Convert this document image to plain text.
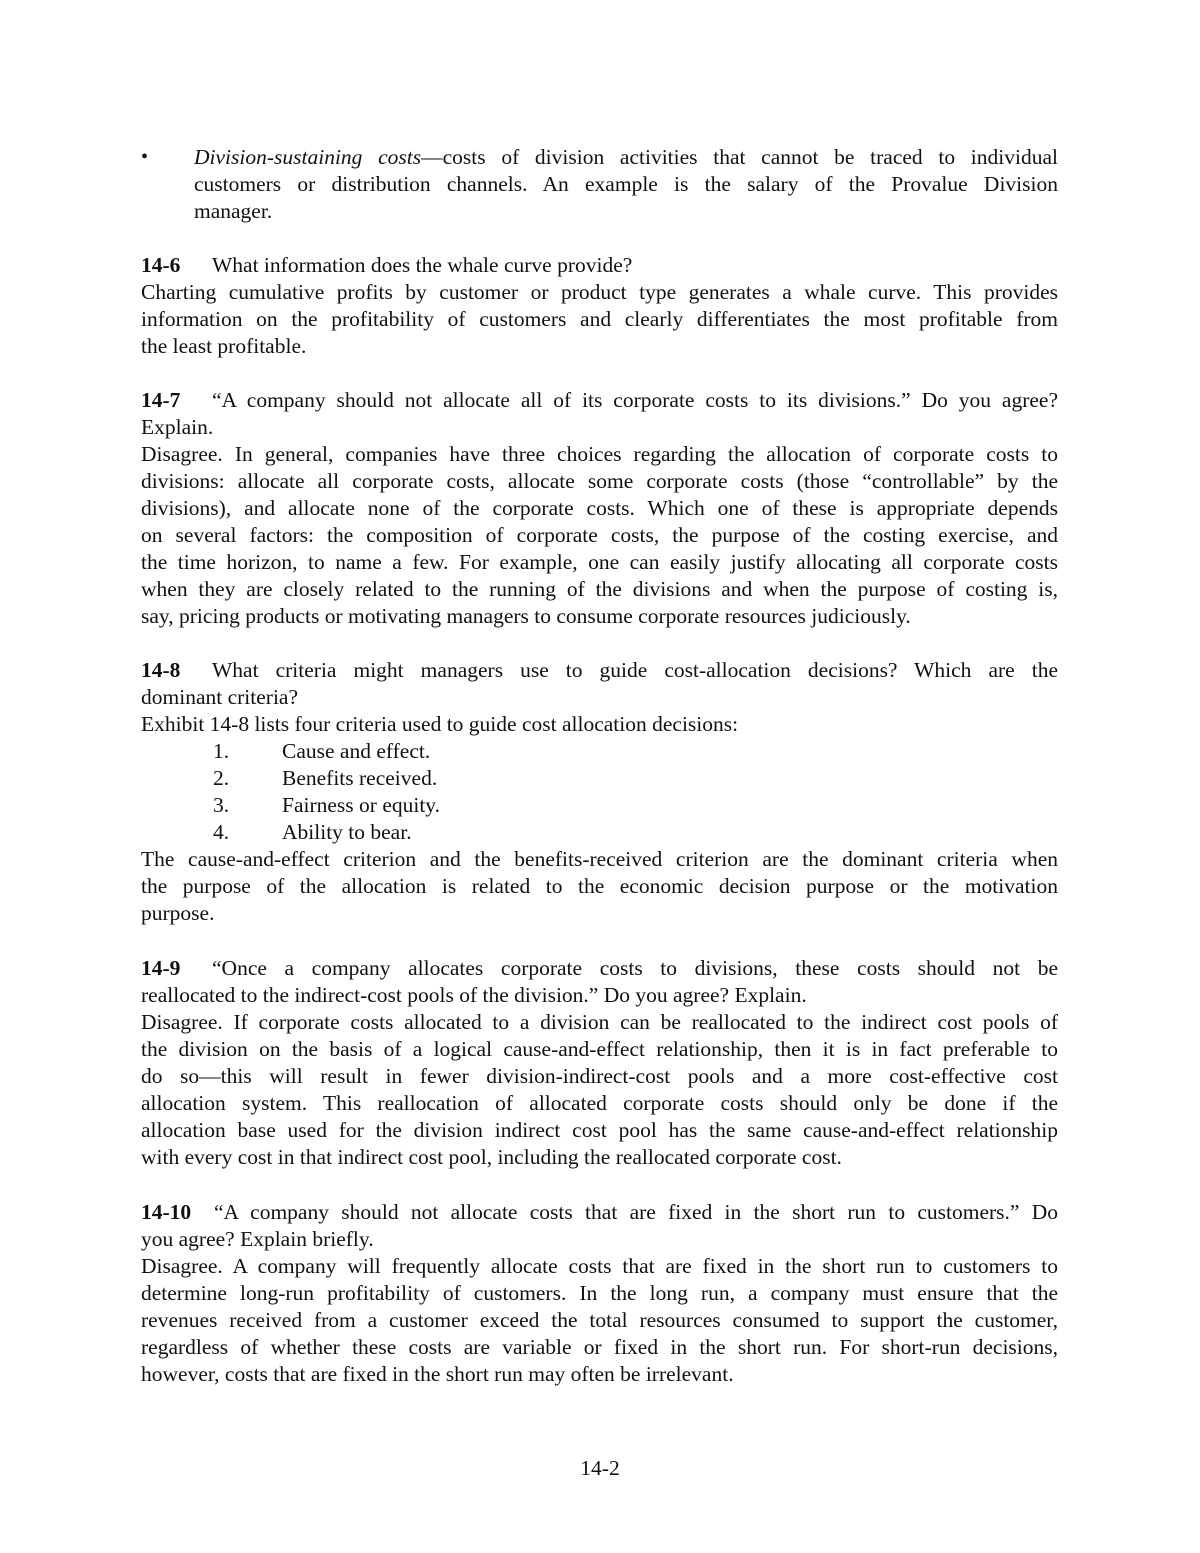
• Division-sustaining costs—costs of division activities that cannot be traced to individual
customers or distribution channels. An example is the salary of the Provalue Division
manager.
14-6 What information does the whale curve provide?
Charting cumulative profits by customer or product type generates a whale curve. This provides
information on the profitability of customers and clearly differentiates the most profitable from
the least profitable.
14-7 “A company should not allocate all of its corporate costs to its divisions.” Do you agree?
Explain.
Disagree. In general, companies have three choices regarding the allocation of corporate costs to
divisions: allocate all corporate costs, allocate some corporate costs (those “controllable” by the
divisions), and allocate none of the corporate costs. Which one of these is appropriate depends
on several factors: the composition of corporate costs, the purpose of the costing exercise, and
the time horizon, to name a few. For example, one can easily justify allocating all corporate costs
when they are closely related to the running of the divisions and when the purpose of costing is,
say, pricing products or motivating managers to consume corporate resources judiciously.
14-8 What criteria might managers use to guide cost-allocation decisions? Which are the
dominant criteria?
Exhibit 14-8 lists four criteria used to guide cost allocation decisions:
1. Cause and effect.
2. Benefits received.
3. Fairness or equity.
4. Ability to bear.
The cause-and-effect criterion and the benefits-received criterion are the dominant criteria when
the purpose of the allocation is related to the economic decision purpose or the motivation
purpose.
14-9 “Once a company allocates corporate costs to divisions, these costs should not be
reallocated to the indirect-cost pools of the division.” Do you agree? Explain.
Disagree. If corporate costs allocated to a division can be reallocated to the indirect cost pools of
the division on the basis of a logical cause-and-effect relationship, then it is in fact preferable to
do so—this will result in fewer division-indirect-cost pools and a more cost-effective cost
allocation system. This reallocation of allocated corporate costs should only be done if the
allocation base used for the division indirect cost pool has the same cause-and-effect relationship
with every cost in that indirect cost pool, including the reallocated corporate cost.
14-10 “A company should not allocate costs that are fixed in the short run to customers.” Do
you agree? Explain briefly.
Disagree. A company will frequently allocate costs that are fixed in the short run to customers to
determine long-run profitability of customers. In the long run, a company must ensure that the
revenues received from a customer exceed the total resources consumed to support the customer,
regardless of whether these costs are variable or fixed in the short run. For short-run decisions,
however, costs that are fixed in the short run may often be irrelevant.
14-2
